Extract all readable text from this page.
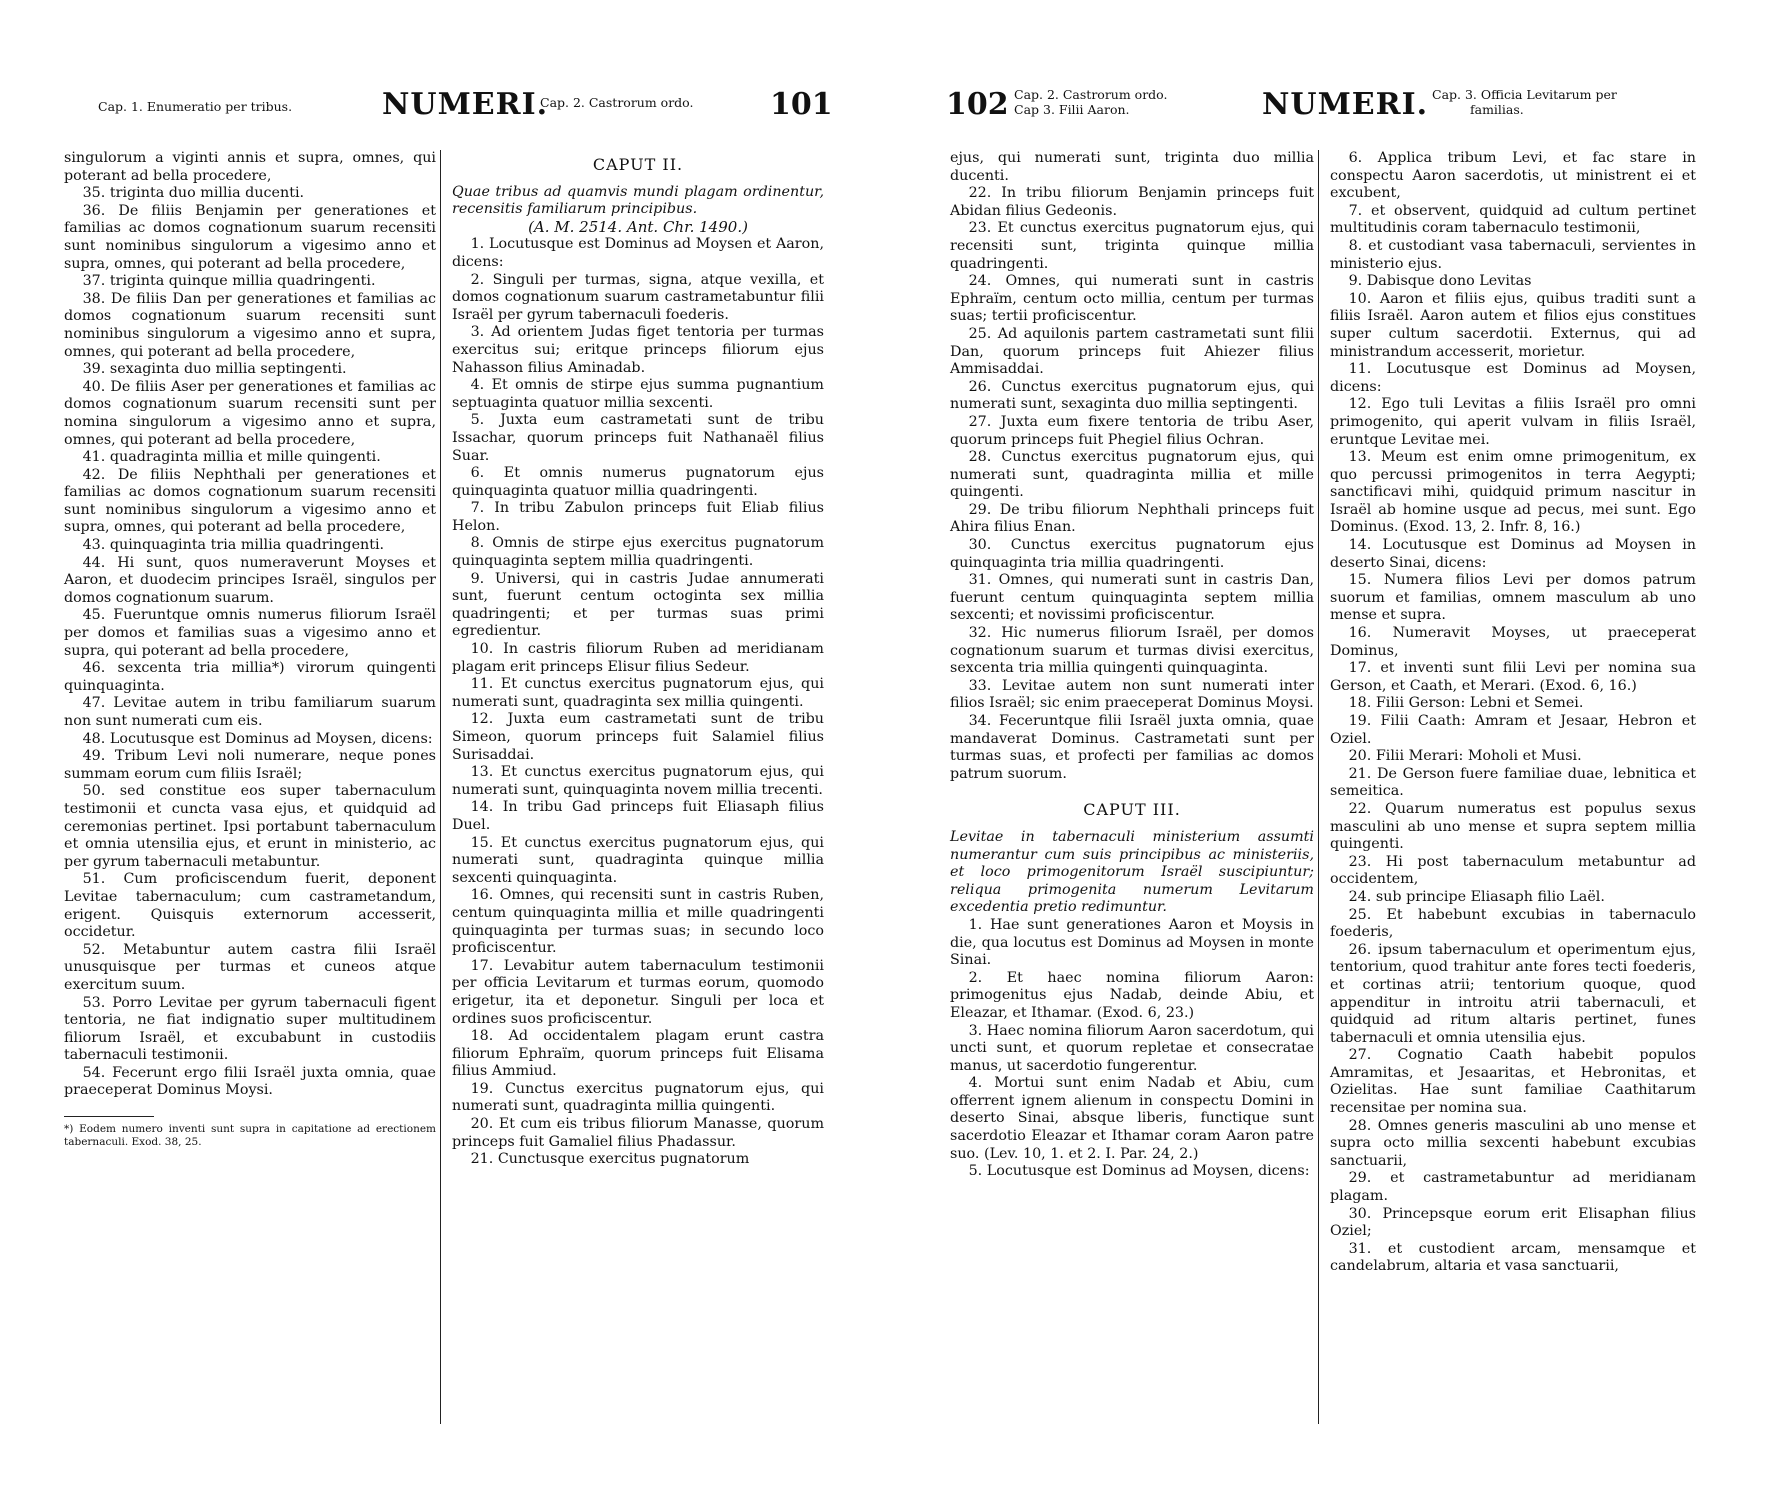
Cap. 1. Enumeratio per tribus.	NUMERI.
Cap. 2. Castrorum ordo.	101

singulorum a viginti annis et supra, omnes, qui poterant ad bella procedere,

35. triginta duo millia ducenti.

36. De filiis Benjamin per generationes et familias ac domos cognationum suarum recensiti sunt nominibus singulorum a vigesimo anno et supra, omnes, qui poterant ad bella procedere,

37. triginta quinque millia quadringenti.

38. De filiis Dan per generationes et familias ac domos cognationum suarum recensiti sunt nominibus singulorum a vigesimo anno et supra, omnes, qui poterant ad bella procedere,

39. sexaginta duo millia septingenti.

40. De filiis Aser per generationes et familias ac domos cognationum suarum recensiti sunt per nomina singulorum a vigesimo anno et supra, omnes, qui poterant ad bella procedere,

41. quadraginta millia et mille quingenti.

42. De filiis Nephthali per generationes et familias ac domos cognationum suarum recensiti sunt nominibus singulorum a vigesimo anno et supra, omnes, qui poterant ad bella procedere,

43. quinquaginta tria millia quadringenti.

44. Hi sunt, quos numeraverunt Moyses et Aaron, et duodecim principes Israël, singulos per domos cognationum suarum.

45. Fueruntque omnis numerus filiorum Israël per domos et familias suas a vigesimo anno et supra, qui poterant ad bella procedere,

46. sexcenta tria millia*) virorum quingenti quinquaginta.

47. Levitae autem in tribu familiarum suarum non sunt numerati cum eis.

48. Locutusque est Dominus ad Moysen, dicens:

49. Tribum Levi noli numerare, neque pones summam eorum cum filiis Israël;

50. sed constitue eos super tabernaculum testimonii et cuncta vasa ejus, et quidquid ad ceremonias pertinet. Ipsi portabunt tabernaculum et omnia utensilia ejus, et erunt in ministerio, ac per gyrum tabernaculi metabuntur.

51. Cum proficiscendum fuerit, deponent Levitae tabernaculum; cum castrametandum, erigent. Quisquis externorum accesserit, occidetur.

52. Metabuntur autem castra filii Israël unusquisque per turmas et cuneos atque exercitum suum.

53. Porro Levitae per gyrum tabernaculi figent tentoria, ne fiat indignatio super multitudinem filiorum Israël, et excubabunt in custodiis tabernaculi testimonii.

54. Fecerunt ergo filii Israël juxta omnia, quae praeceperat Dominus Moysi.

*) Eodem numero inventi sunt supra in capitatione ad erectionem tabernaculi. Exod. 38, 25.

CAPUT II.

Quae tribus ad quamvis mundi plagam ordinentur, recensitis familiarum principibus.

(A. M. 2514. Ant. Chr. 1490.)

1. Locutusque est Dominus ad Moysen et Aaron, dicens:

2. Singuli per turmas, signa, atque vexilla, et domos cognationum suarum castrametabuntur filii Israël per gyrum tabernaculi foederis.

3. Ad orientem Judas figet tentoria per turmas exercitus sui; eritque princeps filiorum ejus Nahasson filius Aminadab.

4. Et omnis de stirpe ejus summa pugnantium septuaginta quatuor millia sexcenti.

5. Juxta eum castrametati sunt de tribu Issachar, quorum princeps fuit Nathanaël filius Suar.

6. Et omnis numerus pugnatorum ejus quinquaginta quatuor millia quadringenti.

7. In tribu Zabulon princeps fuit Eliab filius Helon.

8. Omnis de stirpe ejus exercitus pugnatorum quinquaginta septem millia quadringenti.

9. Universi, qui in castris Judae annumerati sunt, fuerunt centum octoginta sex millia quadringenti; et per turmas suas primi egredientur.

10. In castris filiorum Ruben ad meridianam plagam erit princeps Elisur filius Sedeur.

11. Et cunctus exercitus pugnatorum ejus, qui numerati sunt, quadraginta sex millia quingenti.

12. Juxta eum castrametati sunt de tribu Simeon, quorum princeps fuit Salamiel filius Surisaddai.

13. Et cunctus exercitus pugnatorum ejus, qui numerati sunt, quinquaginta novem millia trecenti.

14. In tribu Gad princeps fuit Eliasaph filius Duel.

15. Et cunctus exercitus pugnatorum ejus, qui numerati sunt, quadraginta quinque millia sexcenti quinquaginta.

16. Omnes, qui recensiti sunt in castris Ruben, centum quinquaginta millia et mille quadringenti quinquaginta per turmas suas; in secundo loco proficiscentur.

17. Levabitur autem tabernaculum testimonii per officia Levitarum et turmas eorum, quomodo erigetur, ita et deponetur. Singuli per loca et ordines suos proficiscentur.

18. Ad occidentalem plagam erunt castra filiorum Ephraïm, quorum princeps fuit Elisama filius Ammiud.

19. Cunctus exercitus pugnatorum ejus, qui numerati sunt, quadraginta millia quingenti.

20. Et cum eis tribus filiorum Manasse, quorum princeps fuit Gamaliel filius Phadassur.

21. Cunctusque exercitus pugnatorum

102 Cap. 2. Castrorum ordo.
Cap 3. Filii Aaron.	NUMERI. Cap. 3. Officia Levitarum per
familias.

ejus, qui numerati sunt, triginta duo millia ducenti.

22. In tribu filiorum Benjamin princeps fuit Abidan filius Gedeonis.

23. Et cunctus exercitus pugnatorum ejus, qui recensiti sunt, triginta quinque millia quadringenti.

24. Omnes, qui numerati sunt in castris Ephraïm, centum octo millia, centum per turmas suas; tertii proficiscentur.

25. Ad aquilonis partem castrametati sunt filii Dan, quorum princeps fuit Ahiezer filius Ammisaddai.

26. Cunctus exercitus pugnatorum ejus, qui numerati sunt, sexaginta duo millia septingenti.

27. Juxta eum fixere tentoria de tribu Aser, quorum princeps fuit Phegiel filius Ochran.

28. Cunctus exercitus pugnatorum ejus, qui numerati sunt, quadraginta millia et mille quingenti.

29. De tribu filiorum Nephthali princeps fuit Ahira filius Enan.

30. Cunctus exercitus pugnatorum ejus quinquaginta tria millia quadringenti.

31. Omnes, qui numerati sunt in castris Dan, fuerunt centum quinquaginta septem millia sexcenti; et novissimi proficiscentur.

32. Hic numerus filiorum Israël, per domos cognationum suarum et turmas divisi exercitus, sexcenta tria millia quingenti quinquaginta.

33. Levitae autem non sunt numerati inter filios Israël; sic enim praeceperat Dominus Moysi.

34. Feceruntque filii Israël juxta omnia, quae mandaverat Dominus. Castrametati sunt per turmas suas, et profecti per familias ac domos patrum suorum.

CAPUT III.

Levitae in tabernaculi ministerium assumti numerantur cum suis principibus ac ministeriis, et loco primogenitorum Israël suscipiuntur; reliqua primogenita numerum Levitarum excedentia pretio redimuntur.

1. Hae sunt generationes Aaron et Moysis in die, qua locutus est Dominus ad Moysen in monte Sinai.

2. Et haec nomina filiorum Aaron: primogenitus ejus Nadab, deinde Abiu, et Eleazar, et Ithamar. (Exod. 6, 23.)

3. Haec nomina filiorum Aaron sacerdotum, qui uncti sunt, et quorum repletae et consecratae manus, ut sacerdotio fungerentur.

4. Mortui sunt enim Nadab et Abiu, cum offerrent ignem alienum in conspectu Domini in deserto Sinai, absque liberis, functique sunt sacerdotio Eleazar et Ithamar coram Aaron patre suo. (Lev. 10, 1. et 2. I. Par. 24, 2.)

5. Locutusque est Dominus ad Moysen, dicens:

6. Applica tribum Levi, et fac stare in conspectu Aaron sacerdotis, ut ministrent ei et excubent,

7. et observent, quidquid ad cultum pertinet multitudinis coram tabernaculo testimonii,

8. et custodiant vasa tabernaculi, servientes in ministerio ejus.

9. Dabisque dono Levitas

10. Aaron et filiis ejus, quibus traditi sunt a filiis Israël. Aaron autem et filios ejus constitues super cultum sacerdotii. Externus, qui ad ministrandum accesserit, morietur.

11. Locutusque est Dominus ad Moysen, dicens:

12. Ego tuli Levitas a filiis Israël pro omni primogenito, qui aperit vulvam in filiis Israël, eruntque Levitae mei.

13. Meum est enim omne primogenitum, ex quo percussi primogenitos in terra Aegypti; sanctificavi mihi, quidquid primum nascitur in Israël ab homine usque ad pecus, mei sunt. Ego Dominus. (Exod. 13, 2. Infr. 8, 16.)

14. Locutusque est Dominus ad Moysen in deserto Sinai, dicens:

15. Numera filios Levi per domos patrum suorum et familias, omnem masculum ab uno mense et supra.

16. Numeravit Moyses, ut praeceperat Dominus,

17. et inventi sunt filii Levi per nomina sua Gerson, et Caath, et Merari. (Exod. 6, 16.)

18. Filii Gerson: Lebni et Semei.

19. Filii Caath: Amram et Jesaar, Hebron et Oziel.

20. Filii Merari: Moholi et Musi.

21. De Gerson fuere familiae duae, lebnitica et semeitica.

22. Quarum numeratus est populus sexus masculini ab uno mense et supra septem millia quingenti.

23. Hi post tabernaculum metabuntur ad occidentem,

24. sub principe Eliasaph filio Laël.

25. Et habebunt excubias in tabernaculo foederis,

26. ipsum tabernaculum et operimentum ejus, tentorium, quod trahitur ante fores tecti foederis, et cortinas atrii; tentorium quoque, quod appenditur in introitu atrii tabernaculi, et quidquid ad ritum altaris pertinet, funes tabernaculi et omnia utensilia ejus.

27. Cognatio Caath habebit populos Amramitas, et Jesaaritas, et Hebronitas, et Ozielitas. Hae sunt familiae Caathitarum recensitae per nomina sua.

28. Omnes generis masculini ab uno mense et supra octo millia sexcenti habebunt excubias sanctuarii,

29. et castrametabuntur ad meridianam plagam.

30. Princepsque eorum erit Elisaphan filius Oziel;

31. et custodient arcam, mensamque et candelabrum, altaria et vasa sanctuarii,
